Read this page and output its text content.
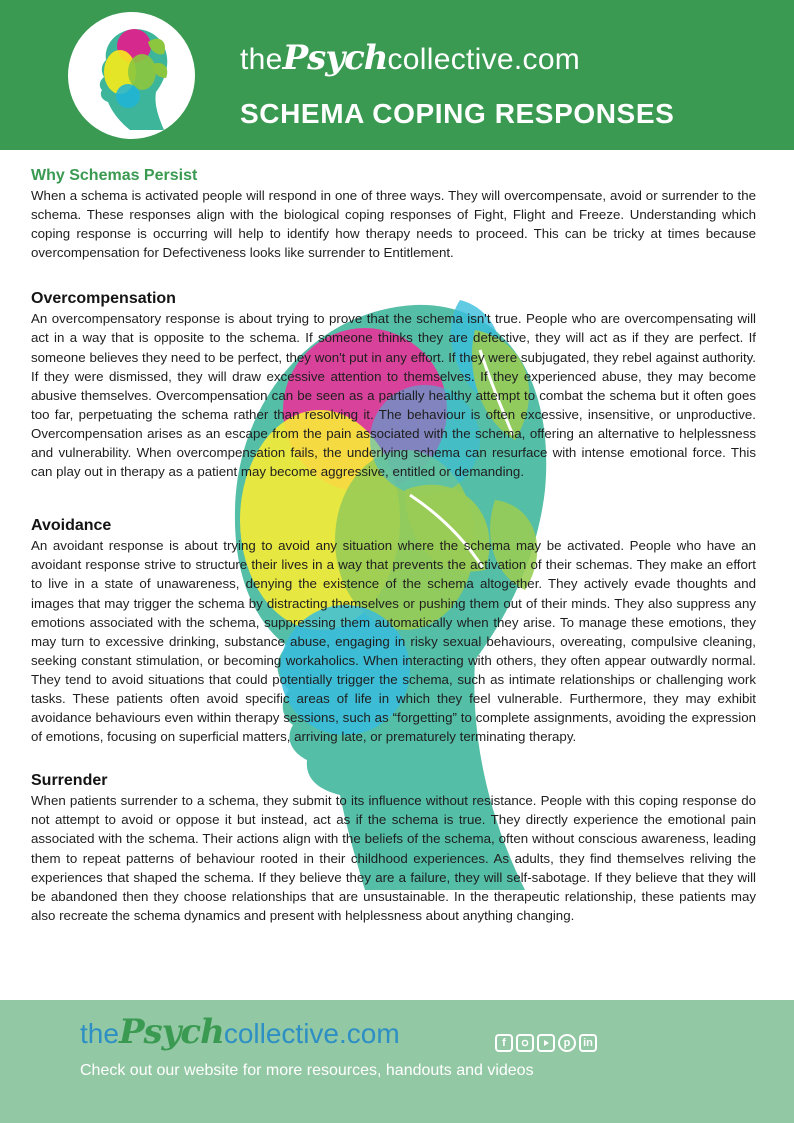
thePsychcollective.com
SCHEMA COPING RESPONSES
Why Schemas Persist

When a schema is activated people will respond in one of three ways. They will overcompensate, avoid or surrender to the schema. These responses align with the biological coping responses of Fight, Flight and Freeze. Understanding which coping response is occurring will help to identify how therapy needs to proceed. This can be tricky at times because overcompensation for Defectiveness looks like surrender to Entitlement.

Overcompensation

An overcompensatory response is about trying to prove that the schema isn't true. People who are overcompensating will act in a way that is opposite to the schema. If someone thinks they are defective, they will act as if they are perfect. If someone believes they need to be perfect, they won't put in any effort. If they were subjugated, they rebel against authority. If they were dismissed, they will draw excessive attention to themselves. If they experienced abuse, they may become abusive themselves. Overcompensation can be seen as a partially healthy attempt to combat the schema but it often goes too far, perpetuating the schema rather than resolving it. The behaviour is often excessive, insensitive, or unproductive. Overcompensation arises as an escape from the pain associated with the schema, offering an alternative to helplessness and vulnerability. When overcompensation fails, the underlying schema can resurface with intense emotional force. This can play out in therapy as a patient may become aggressive, entitled or demanding.

Avoidance

An avoidant response is about trying to avoid any situation where the schema may be activated. People who have an avoidant response strive to structure their lives in a way that prevents the activation of their schemas. They make an effort to live in a state of unawareness, denying the existence of the schema altogether. They actively evade thoughts and images that may trigger the schema by distracting themselves or pushing them out of their minds. They also suppress any emotions associated with the schema, suppressing them automatically when they arise. To manage these emotions, they may turn to excessive drinking, substance abuse, engaging in risky sexual behaviours, overeating, compulsive cleaning, seeking constant stimulation, or becoming workaholics. When interacting with others, they often appear outwardly normal. They tend to avoid situations that could potentially trigger the schema, such as intimate relationships or challenging work tasks. These patients often avoid specific areas of life in which they feel vulnerable. Furthermore, they may exhibit avoidance behaviours even within therapy sessions, such as “forgetting” to complete assignments, avoiding the expression of emotions, focusing on superficial matters, arriving late, or prematurely terminating therapy.

Surrender

When patients surrender to a schema, they submit to its influence without resistance. People with this coping response do not attempt to avoid or oppose it but instead, act as if the schema is true. They directly experience the emotional pain associated with the schema. Their actions align with the beliefs of the schema, often without conscious awareness, leading them to repeat patterns of behaviour rooted in their childhood experiences. As adults, they find themselves reliving the experiences that shaped the schema. If they believe they are a failure, they will self-sabotage. If they believe that they will be abandoned then they choose relationships that are unsustainable. In the therapeutic relationship, these patients may also recreate the schema dynamics and present with helplessness about anything changing.

thePsychcollective.com	f	p	in
Check out our website for more resources, handouts and videos
